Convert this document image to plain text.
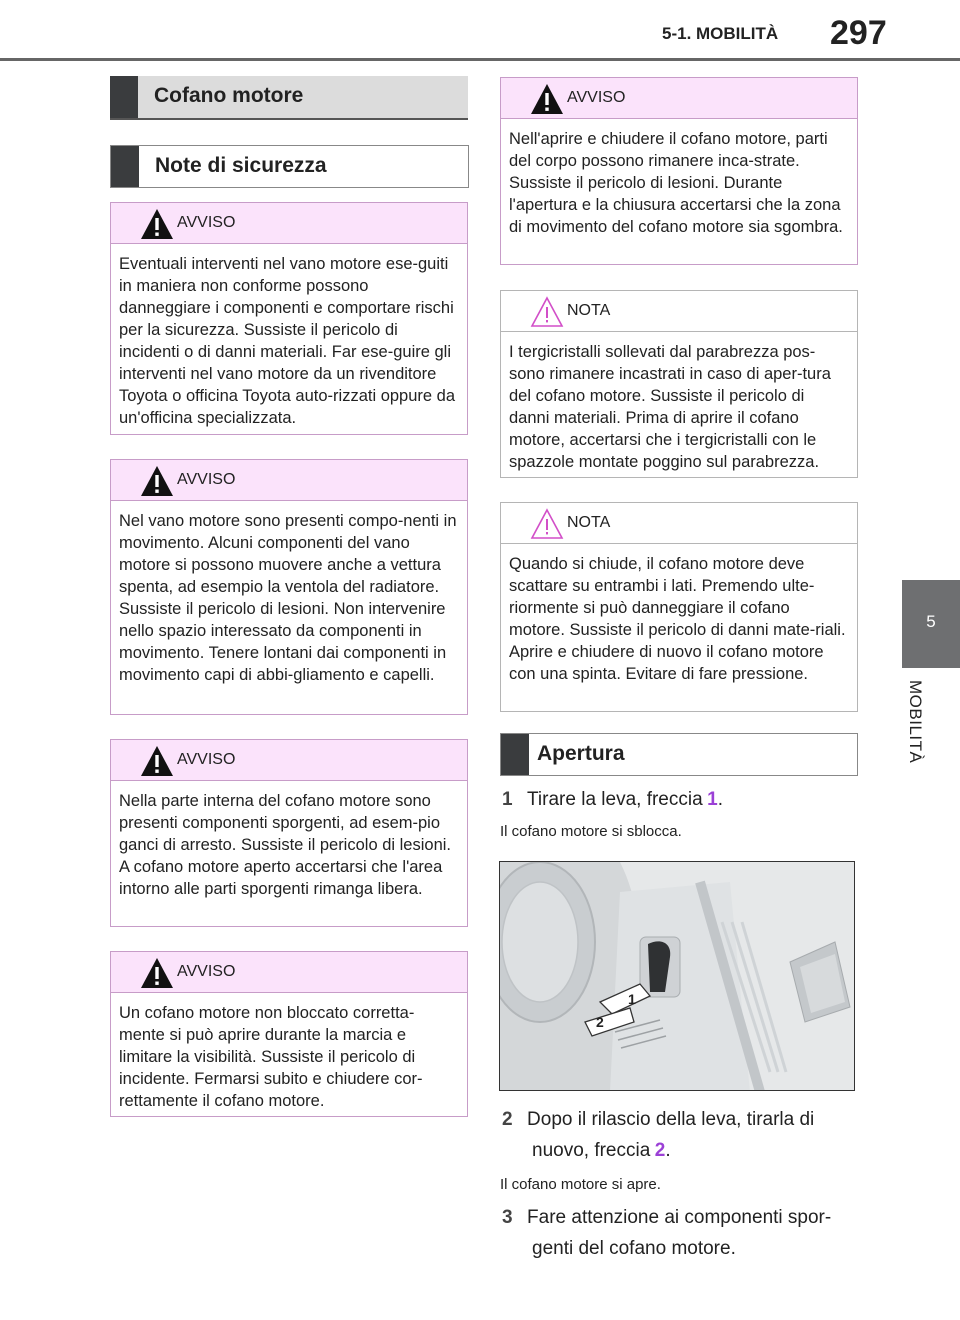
5-1. MOBILITÀ 297
5
MOBILITÀ
Cofano motore
Note di sicurezza
AVVISO
Eventuali interventi nel vano motore ese-guiti in maniera non conforme possono danneggiare i componenti e comportare rischi per la sicurezza. Sussiste il pericolo di incidenti o di danni materiali. Far ese-guire gli interventi nel vano motore da un rivenditore Toyota o officina Toyota auto-rizzati oppure da un'officina specializzata.
AVVISO
Nel vano motore sono presenti compo-nenti in movimento. Alcuni componenti del vano motore si possono muovere anche a vettura spenta, ad esempio la ventola del radiatore. Sussiste il pericolo di lesioni. Non intervenire nello spazio interessato da componenti in movimento. Tenere lontani dai componenti in movimento capi di abbi-gliamento e capelli.
AVVISO
Nella parte interna del cofano motore sono presenti componenti sporgenti, ad esem-pio ganci di arresto. Sussiste il pericolo di lesioni. A cofano motore aperto accertarsi che l'area intorno alle parti sporgenti rimanga libera.
AVVISO
Un cofano motore non bloccato corretta-mente si può aprire durante la marcia e limitare la visibilità. Sussiste il pericolo di incidente. Fermarsi subito e chiudere cor-rettamente il cofano motore.
AVVISO
Nell'aprire e chiudere il cofano motore, parti del corpo possono rimanere inca-strate. Sussiste il pericolo di lesioni. Durante l'apertura e la chiusura accertarsi che la zona di movimento del cofano motore sia sgombra.
NOTA
I tergicristalli sollevati dal parabrezza pos-sono rimanere incastrati in caso di aper-tura del cofano motore. Sussiste il pericolo di danni materiali. Prima di aprire il cofano motore, accertarsi che i tergicristalli con le spazzole montate poggino sul parabrezza.
NOTA
Quando si chiude, il cofano motore deve scattare su entrambi i lati. Premendo ulte-riormente si può danneggiare il cofano motore. Sussiste il pericolo di danni mate-riali. Aprire e chiudere di nuovo il cofano motore con una spinta. Evitare di fare pressione.
Apertura
1 Tirare la leva, freccia 1.
Il cofano motore si sblocca.
1
2
2 Dopo il rilascio della leva, tirarla di
nuovo, freccia 2.
Il cofano motore si apre.
3 Fare attenzione ai componenti spor-
genti del cofano motore.
